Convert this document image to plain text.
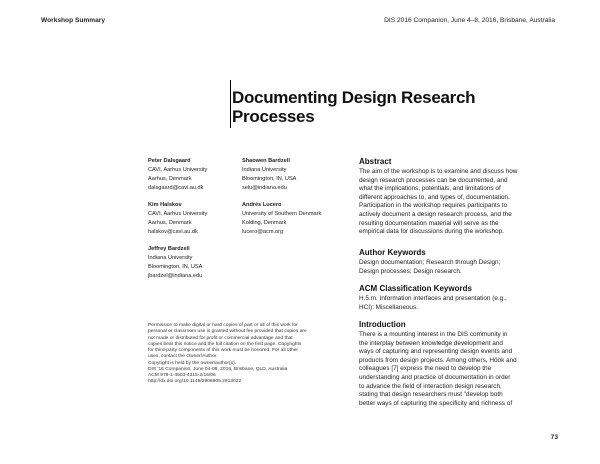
Workshop Summary	DIS 2016 Companion, June 4–8, 2016, Brisbane, Australia
Documenting Design Research
Processes
Peter Dalsgaard
CAVI, Aarhus University
Aarhus, Denmark
dalsgaard@cavi.au.dk
Kim Halskov
CAVI, Aarhus University
Aarhus, Denmark
halskov@cavi.au.dk
Jeffrey Bardzell
Indiana University
Bloomington, IN, USA
jbardzel@indiana.edu
Shaowen Bardzell
Indiana University
Bloomington, IN, USA
selu@indiana.edu
Andrés Lucero
University of Southern Denmark
Kolding, Denmark
lucero@acm.org
Permission to make digital or hard copies of part or all of this work for
personal or classroom use is granted without fee provided that copies are
not made or distributed for profit or commercial advantage and that
copies bear this notice and the full citation on the first page. Copyrights
for third-party components of this work must be honored. For all other
uses, contact the Owner/Author.
Copyright is held by the owner/author(s).
DIS '16 Companion, June 04-08, 2016, Brisbane, QLD, Australia
ACM 978-1-4503-4315-2/16/06
http://dx.doi.org/10.1145/2908805.2913022
Abstract
The aim of the workshop is to examine and discuss how
design research processes can be documented, and
what the implications, potentials, and limitations of
different approaches to, and types of, documentation.
Participation in the workshop requires participants to
actively document a design research process, and the
resulting documentation material will serve as the
empirical data for discussions during the workshop.
Author Keywords
Design documentation; Research through Design;
Design processes; Design research.
ACM Classification Keywords
H.5.m. Information interfaces and presentation (e.g.,
HCI): Miscellaneous.
Introduction
There is a mounting interest in the DIS community in
the interplay between knowledge development and
ways of capturing and representing design events and
products from design projects. Among others, Höök and
colleagues [7] express the need to develop the
understanding and practice of documentation in order
to advance the field of interaction design research,
stating that design researchers must "develop both
better ways of capturing the specificity and richness of
73
